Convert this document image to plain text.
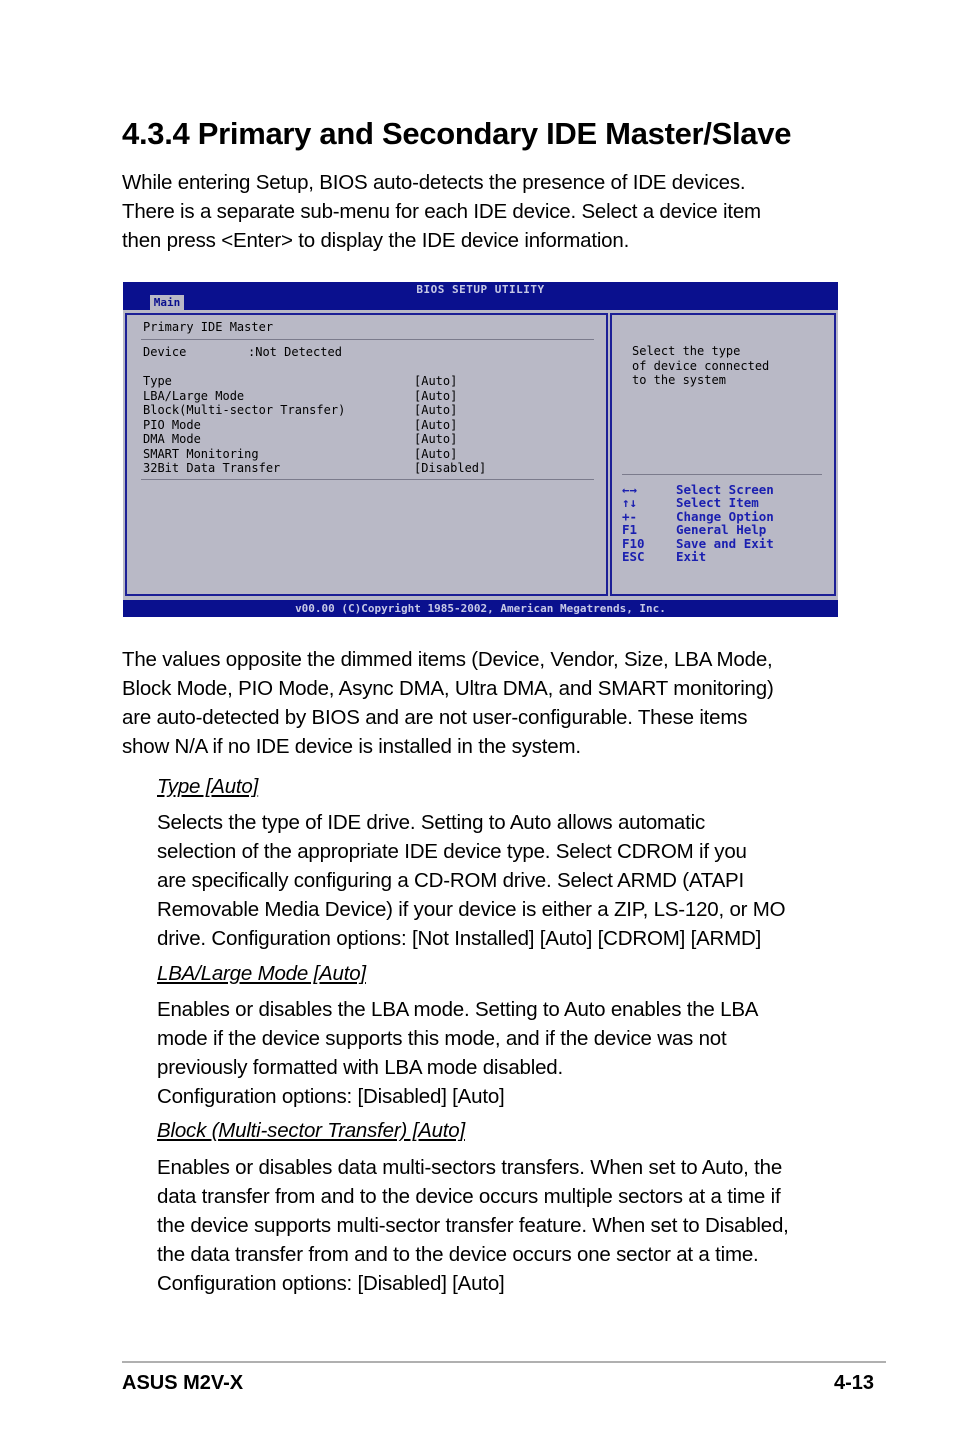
4.3.4 Primary and Secondary IDE Master/Slave
While entering Setup, BIOS auto-detects the presence of IDE devices.
There is a separate sub-menu for each IDE device. Select a device item
then press <Enter> to display the IDE device information.
BIOS SETUP UTILITY
Main
Primary IDE Master
Device	:Not Detected
Type	[Auto]
LBA/Large Mode	[Auto]
Block(Multi-sector Transfer)	[Auto]
PIO Mode	[Auto]
DMA Mode	[Auto]
SMART Monitoring	[Auto]
32Bit Data Transfer	[Disabled]
Select the type
of device connected
to the system
←→	Select Screen
↑↓	Select Item
+-	Change Option
F1	General Help
F10	Save and Exit
ESC	Exit
v00.00 (C)Copyright 1985-2002, American Megatrends, Inc.
The values opposite the dimmed items (Device, Vendor, Size, LBA Mode,
Block Mode, PIO Mode, Async DMA, Ultra DMA, and SMART monitoring)
are auto-detected by BIOS and are not user-configurable. These items
show N/A if no IDE device is installed in the system.
Type [Auto]
Selects the type of IDE drive. Setting to Auto allows automatic
selection of the appropriate IDE device type. Select CDROM if you
are specifically configuring a CD-ROM drive. Select ARMD (ATAPI
Removable Media Device) if your device is either a ZIP, LS-120, or MO
drive. Configuration options: [Not Installed] [Auto] [CDROM] [ARMD]
LBA/Large Mode [Auto]
Enables or disables the LBA mode. Setting to Auto enables the LBA
mode if the device supports this mode, and if the device was not
previously formatted with LBA mode disabled.
Configuration options: [Disabled] [Auto]
Block (Multi-sector Transfer) [Auto]
Enables or disables data multi-sectors transfers. When set to Auto, the
data transfer from and to the device occurs multiple sectors at a time if
the device supports multi-sector transfer feature. When set to Disabled,
the data transfer from and to the device occurs one sector at a time.
Configuration options: [Disabled] [Auto]
ASUS M2V-X	4-13
